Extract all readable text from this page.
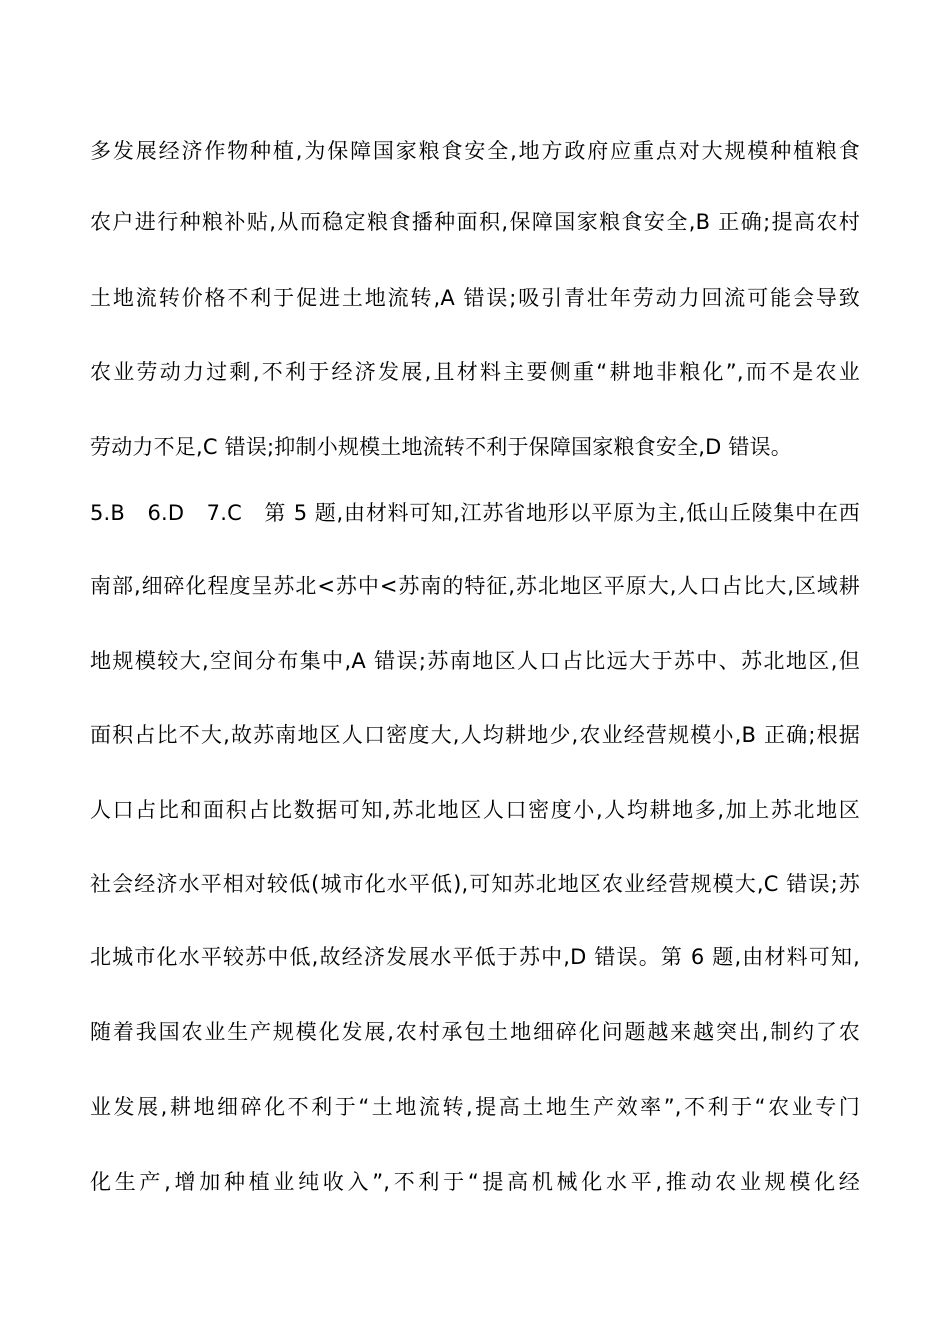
多发展经济作物种植,为保障国家粮食安全,地方政府应重点对大规模种植粮食
农户进行种粮补贴,从而稳定粮食播种面积,保障国家粮食安全,B 正确;提高农村
土地流转价格不利于促进土地流转,A 错误;吸引青壮年劳动力回流可能会导致
农业劳动力过剩,不利于经济发展,且材料主要侧重“耕地非粮化”,而不是农业
劳动力不足,C 错误;抑制小规模土地流转不利于保障国家粮食安全,D 错误。
5.B　6.D　7.C　第 5 题,由材料可知,江苏省地形以平原为主,低山丘陵集中在西
南部,细碎化程度呈苏北<苏中<苏南的特征,苏北地区平原大,人口占比大,区域耕
地规模较大,空间分布集中,A 错误;苏南地区人口占比远大于苏中、苏北地区,但
面积占比不大,故苏南地区人口密度大,人均耕地少,农业经营规模小,B 正确;根据
人口占比和面积占比数据可知,苏北地区人口密度小,人均耕地多,加上苏北地区
社会经济水平相对较低(城市化水平低),可知苏北地区农业经营规模大,C 错误;苏
北城市化水平较苏中低,故经济发展水平低于苏中,D 错误。第 6 题,由材料可知,
随着我国农业生产规模化发展,农村承包土地细碎化问题越来越突出,制约了农
业发展,耕地细碎化不利于“土地流转,提高土地生产效率”,不利于“农业专门
化生产,增加种植业纯收入”,不利于“提高机械化水平,推动农业规模化经
